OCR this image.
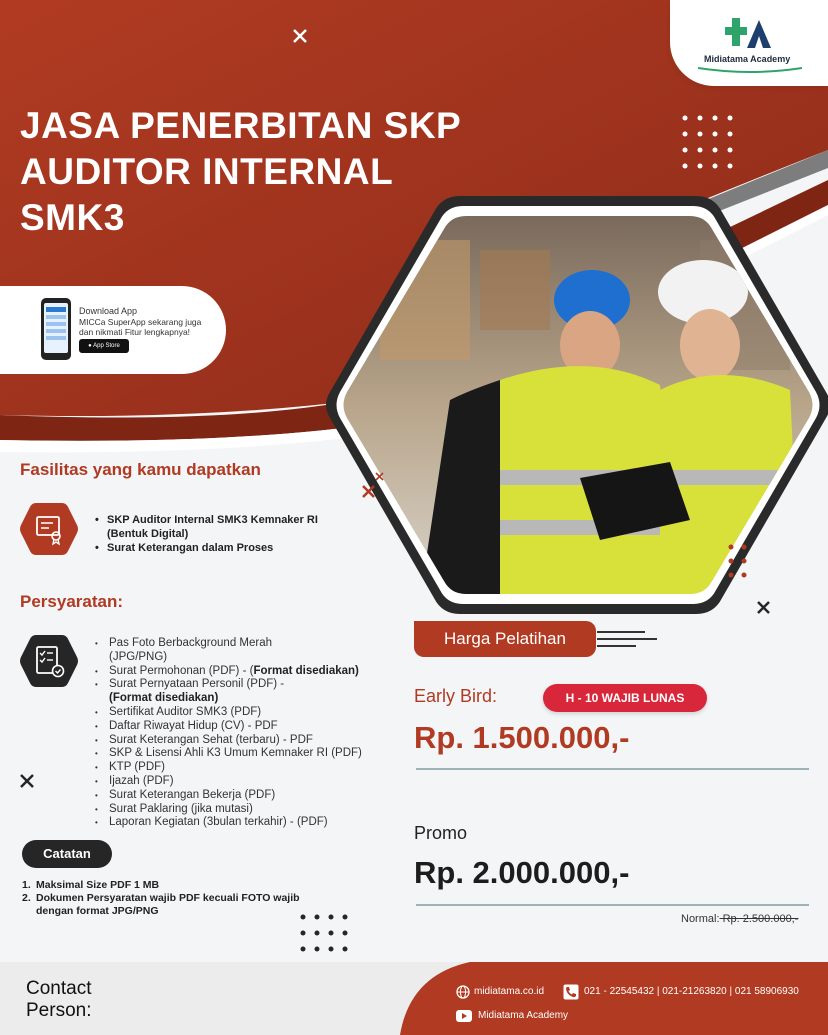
Midiatama Academy
JASA PENERBITAN SKP
AUDITOR INTERNAL
SMK3
Download App
MICCa SuperApp sekarang juga
dan nikmati Fitur lengkapnya!
● App Store
Fasilitas yang kamu dapatkan
• SKP Auditor Internal SMK3 Kemnaker RI
(Bentuk Digital)
• Surat Keterangan dalam Proses
Persyaratan:
• Pas Foto Berbackground Merah
(JPG/PNG)
• Surat Permohonan (PDF) - (Format disediakan)
• Surat Pernyataan Personil (PDF) -
(Format disediakan)
• Sertifikat Auditor SMK3 (PDF)
• Daftar Riwayat Hidup (CV) - PDF
• Surat Keterangan Sehat (terbaru) - PDF
• SKP & Lisensi Ahli K3 Umum Kemnaker RI (PDF)
• KTP (PDF)
• Ijazah (PDF)
• Surat Keterangan Bekerja (PDF)
• Surat Paklaring (jika mutasi)
• Laporan Kegiatan (3bulan terkahir) - (PDF)
Catatan
1. Maksimal Size PDF 1 MB
2. Dokumen Persyaratan wajib PDF kecuali FOTO wajib
dengan format JPG/PNG
Harga Pelatihan
Early Bird:	H - 10 WAJIB LUNAS
Rp. 1.500.000,-
Promo
Rp. 2.000.000,-
Normal: Rp. 2.500.000,-
Contact
Person:
midiatama.co.id	021 - 22545432 | 021-21263820 | 021 58906930
Midiatama Academy
